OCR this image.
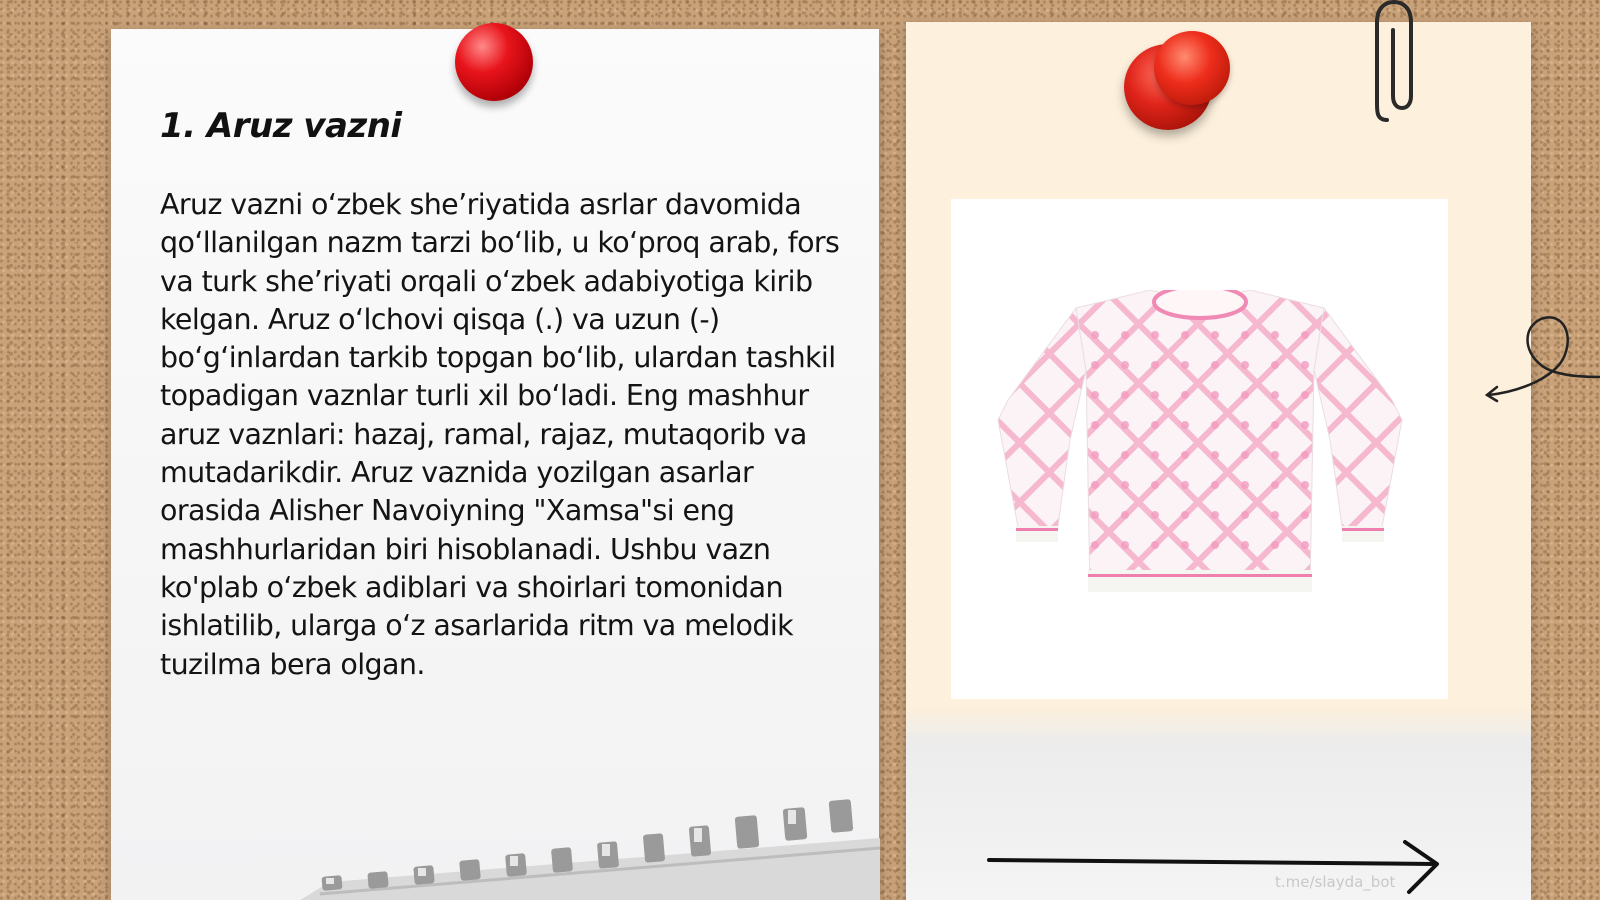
1. Aruz vazni

Aruz vazni o‘zbek she’riyatida asrlar davomida qo‘llanilgan nazm tarzi bo‘lib, u ko‘proq arab, fors va turk she’riyati orqali o‘zbek adabiyotiga kirib kelgan. Aruz o‘lchovi qisqa (.) va uzun (-) bo‘g‘inlardan tarkib topgan bo‘lib, ulardan tashkil topadigan vaznlar turli xil bo‘ladi. Eng mashhur aruz vaznlari: hazaj, ramal, rajaz, mutaqorib va mutadarikdir. Aruz vaznida yozilgan asarlar orasida Alisher Navoiyning "Xamsa"si eng mashhurlaridan biri hisoblanadi. Ushbu vazn ko'plab o‘zbek adiblari va shoirlari tomonidan ishlatilib, ularga o‘z asarlarida ritm va melodik tuzilma bera olgan.

t.me/slayda_bot
